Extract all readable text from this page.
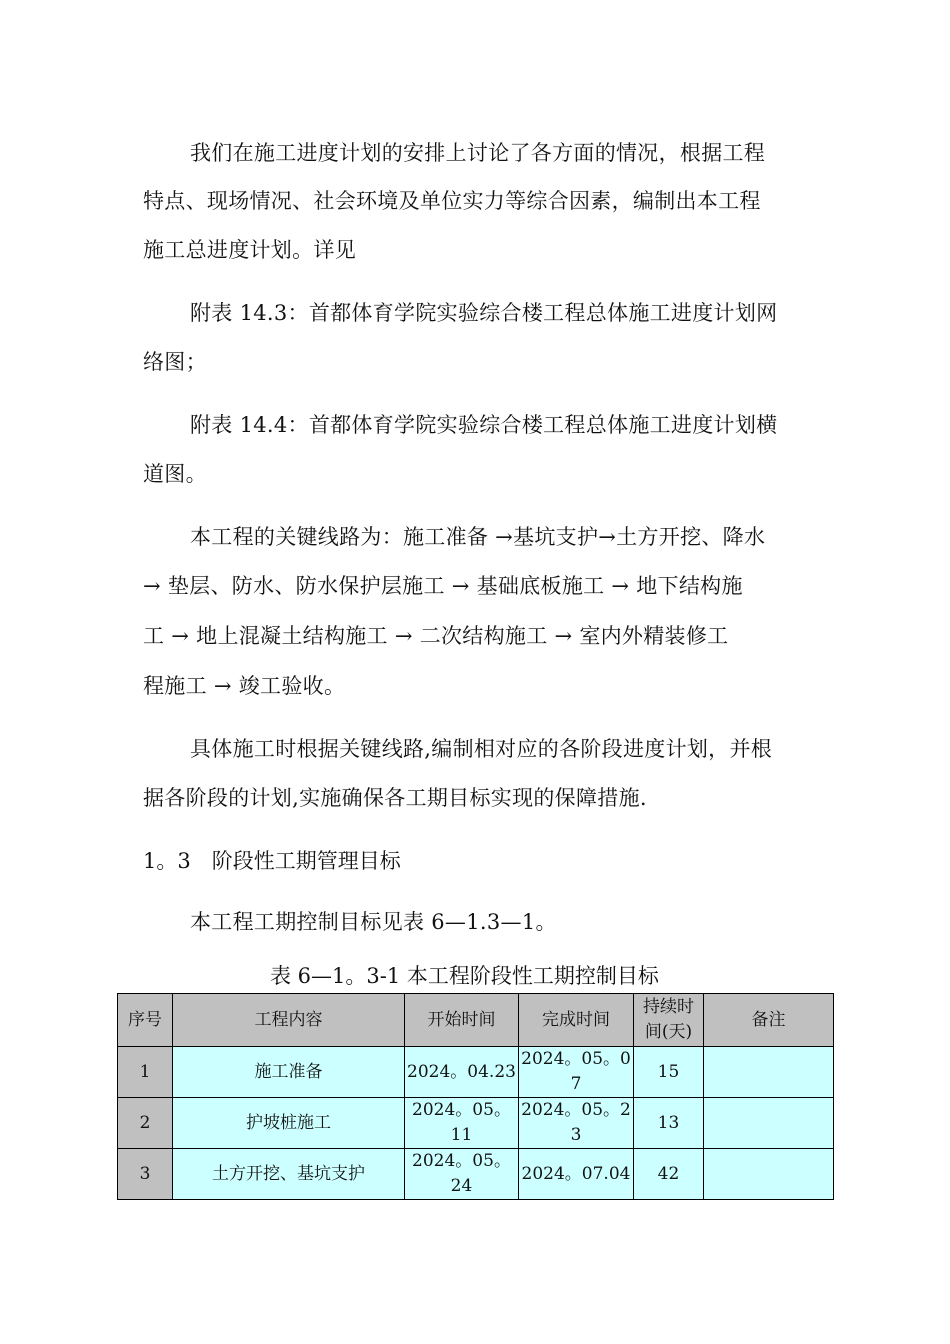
我们在施工进度计划的安排上讨论了各方面的情况，根据工程
特点、现场情况、社会环境及单位实力等综合因素，编制出本工程
施工总进度计划。详见
附表 14.3：首都体育学院实验综合楼工程总体施工进度计划网
络图；
附表 14.4：首都体育学院实验综合楼工程总体施工进度计划横
道图。
本工程的关键线路为：施工准备 →基坑支护→土方开挖、降水
→ 垫层、防水、防水保护层施工 → 基础底板施工 → 地下结构施
工 → 地上混凝土结构施工 → 二次结构施工 → 室内外精装修工
程施工 → 竣工验收。
具体施工时根据关键线路,编制相对应的各阶段进度计划，并根
据各阶段的计划,实施确保各工期目标实现的保障措施.
1。3　阶段性工期管理目标
本工程工期控制目标见表 6—1.3—1。
表 6—1。3-1 本工程阶段性工期控制目标
序号	工程内容	开始时间	完成时间	持续时间(天)	备注
1	施工准备	2024。04.23	2024。05。07	15	
2	护坡桩施工	2024。05。11	2024。05。23	13	
3	土方开挖、基坑支护	2024。05。24	2024。07.04	42	
